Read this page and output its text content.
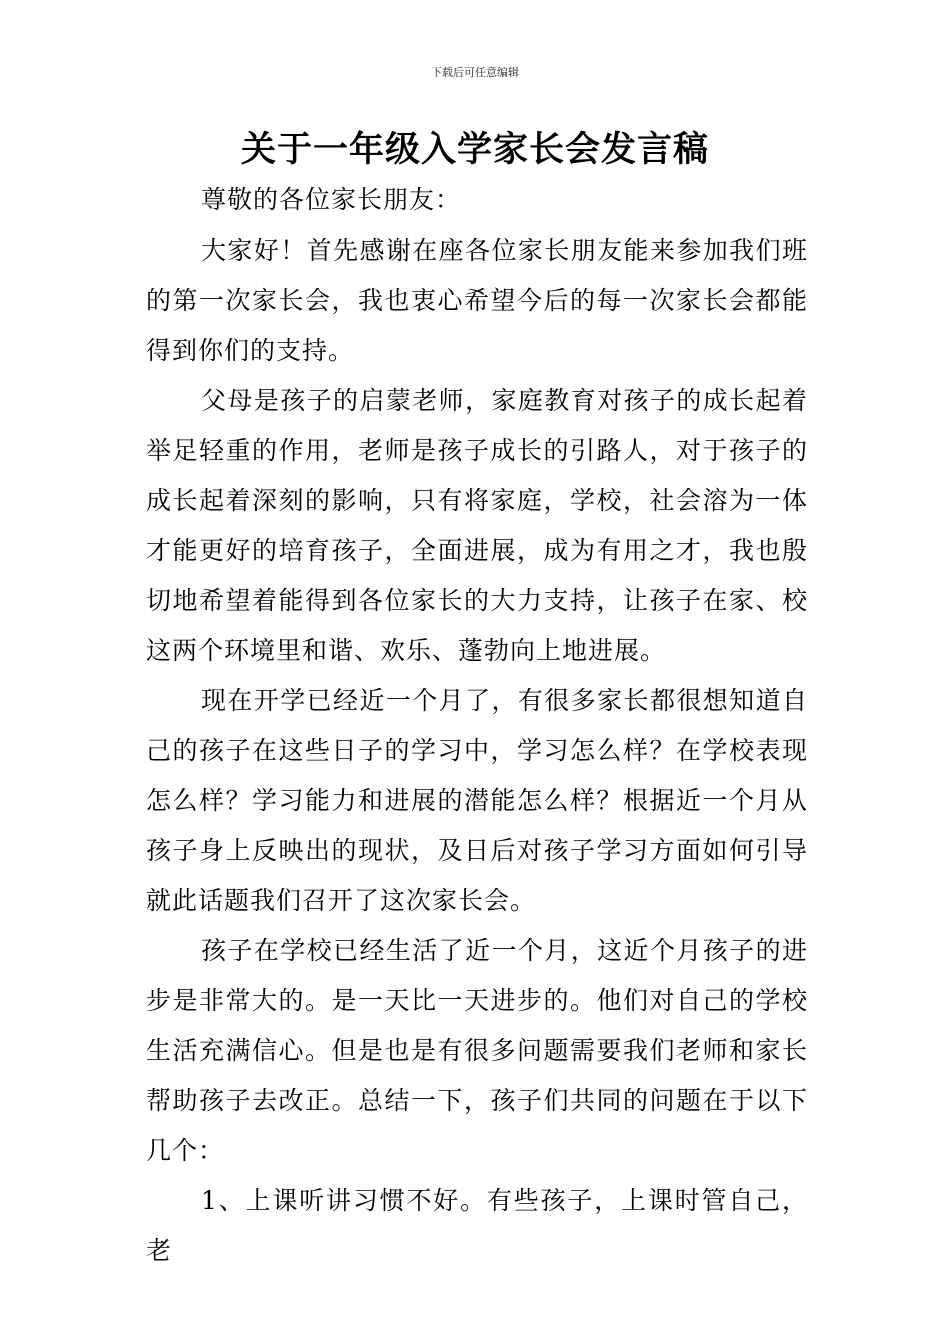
下载后可任意编辑
关于一年级入学家长会发言稿

尊敬的各位家长朋友：

大家好！首先感谢在座各位家长朋友能来参加我们班的第一次家长会，我也衷心希望今后的每一次家长会都能得到你们的支持。

父母是孩子的启蒙老师，家庭教育对孩子的成长起着举足轻重的作用，老师是孩子成长的引路人，对于孩子的成长起着深刻的影响，只有将家庭，学校，社会溶为一体才能更好的培育孩子，全面进展，成为有用之才，我也殷切地希望着能得到各位家长的大力支持，让孩子在家、校这两个环境里和谐、欢乐、蓬勃向上地进展。

现在开学已经近一个月了，有很多家长都很想知道自己的孩子在这些日子的学习中，学习怎么样？在学校表现怎么样？学习能力和进展的潜能怎么样？根据近一个月从孩子身上反映出的现状，及日后对孩子学习方面如何引导就此话题我们召开了这次家长会。

孩子在学校已经生活了近一个月，这近个月孩子的进步是非常大的。是一天比一天进步的。他们对自己的学校生活充满信心。但是也是有很多问题需要我们老师和家长帮助孩子去改正。总结一下，孩子们共同的问题在于以下几个：

1、上课听讲习惯不好。有些孩子，上课时管自己，老
